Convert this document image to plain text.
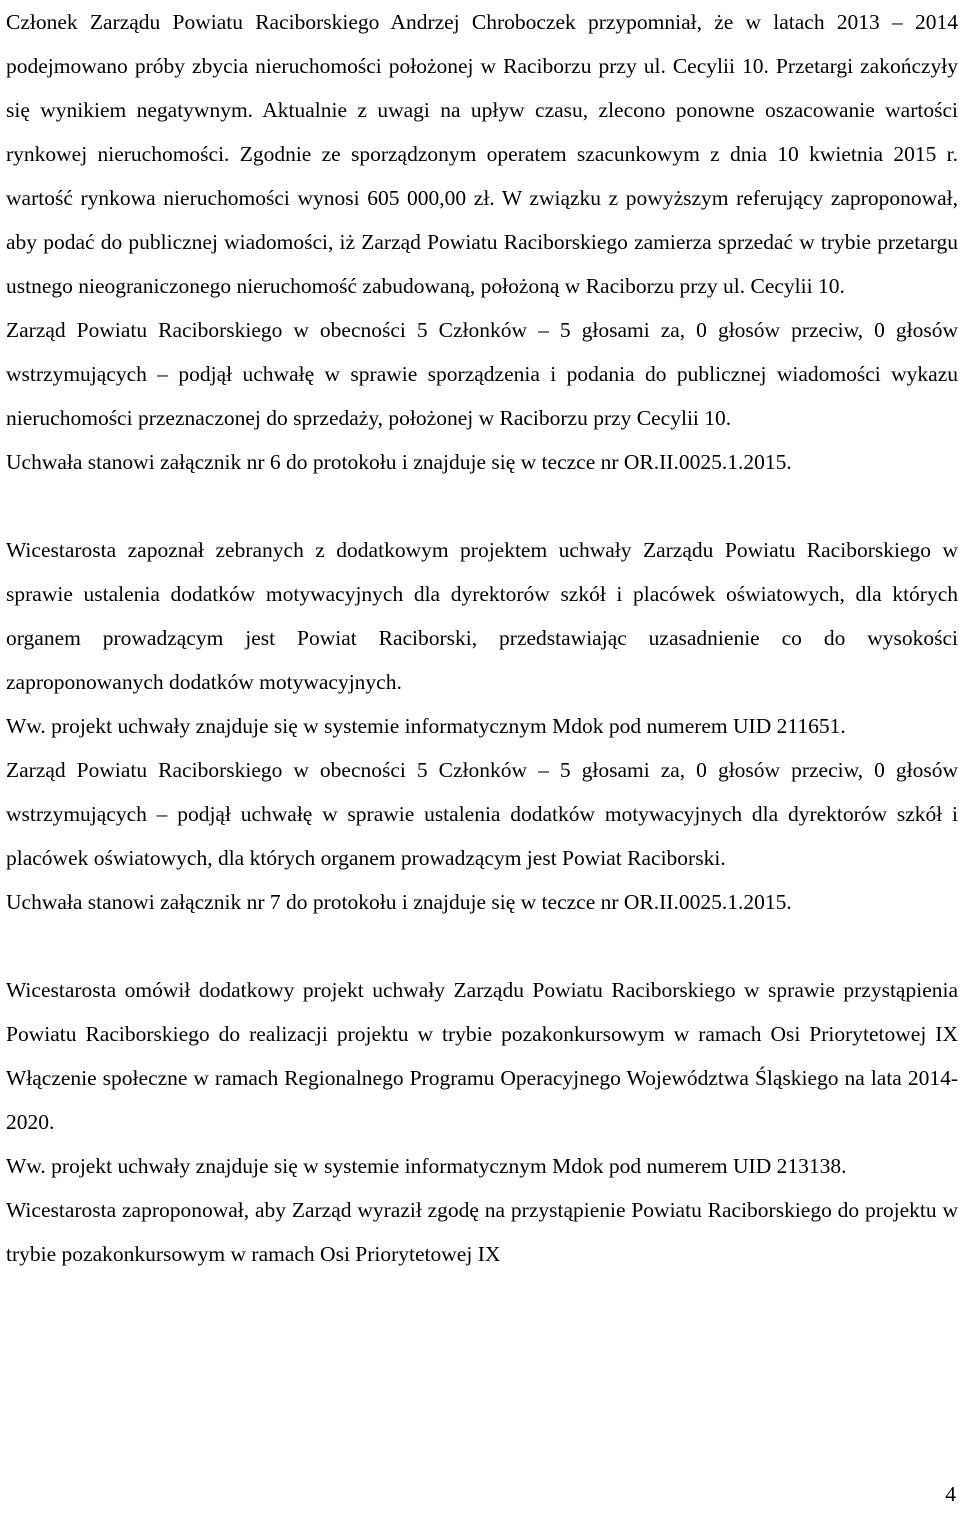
Członek Zarządu Powiatu Raciborskiego Andrzej Chroboczek przypomniał, że w latach 2013 – 2014 podejmowano próby zbycia nieruchomości położonej w Raciborzu przy ul. Cecylii 10. Przetargi zakończyły się wynikiem negatywnym. Aktualnie z uwagi na upływ czasu, zlecono ponowne oszacowanie wartości rynkowej nieruchomości. Zgodnie ze sporządzonym operatem szacunkowym z dnia 10 kwietnia 2015 r. wartość rynkowa nieruchomości wynosi 605 000,00 zł. W związku z powyższym referujący zaproponował, aby podać do publicznej wiadomości, iż Zarząd Powiatu Raciborskiego zamierza sprzedać w trybie przetargu ustnego nieograniczonego nieruchomość zabudowaną, położoną w Raciborzu przy ul. Cecylii 10.

Zarząd Powiatu Raciborskiego w obecności 5 Członków – 5 głosami za, 0 głosów przeciw, 0 głosów wstrzymujących – podjął uchwałę w sprawie sporządzenia i podania do publicznej wiadomości wykazu nieruchomości przeznaczonej do sprzedaży, położonej w Raciborzu przy Cecylii 10.

Uchwała stanowi załącznik nr 6 do protokołu i znajduje się w teczce nr OR.II.0025.1.2015.

Wicestarosta zapoznał zebranych z dodatkowym projektem uchwały Zarządu Powiatu Raciborskiego w sprawie ustalenia dodatków motywacyjnych dla dyrektorów szkół i placówek oświatowych, dla których organem prowadzącym jest Powiat Raciborski, przedstawiając uzasadnienie co do wysokości zaproponowanych dodatków motywacyjnych.

Ww. projekt uchwały znajduje się w systemie informatycznym Mdok pod numerem UID 211651.

Zarząd Powiatu Raciborskiego w obecności 5 Członków – 5 głosami za, 0 głosów przeciw, 0 głosów wstrzymujących – podjął uchwałę w sprawie ustalenia dodatków motywacyjnych dla dyrektorów szkół i placówek oświatowych, dla których organem prowadzącym jest Powiat Raciborski.

Uchwała stanowi załącznik nr 7 do protokołu i znajduje się w teczce nr OR.II.0025.1.2015.

Wicestarosta omówił dodatkowy projekt uchwały Zarządu Powiatu Raciborskiego w sprawie przystąpienia Powiatu Raciborskiego do realizacji projektu w trybie pozakonkursowym w ramach Osi Priorytetowej IX Włączenie społeczne w ramach Regionalnego Programu Operacyjnego Województwa Śląskiego na lata 2014-2020.

Ww. projekt uchwały znajduje się w systemie informatycznym Mdok pod numerem UID 213138.

Wicestarosta zaproponował, aby Zarząd wyraził zgodę na przystąpienie Powiatu Raciborskiego do projektu w trybie pozakonkursowym w ramach Osi Priorytetowej IX

4
